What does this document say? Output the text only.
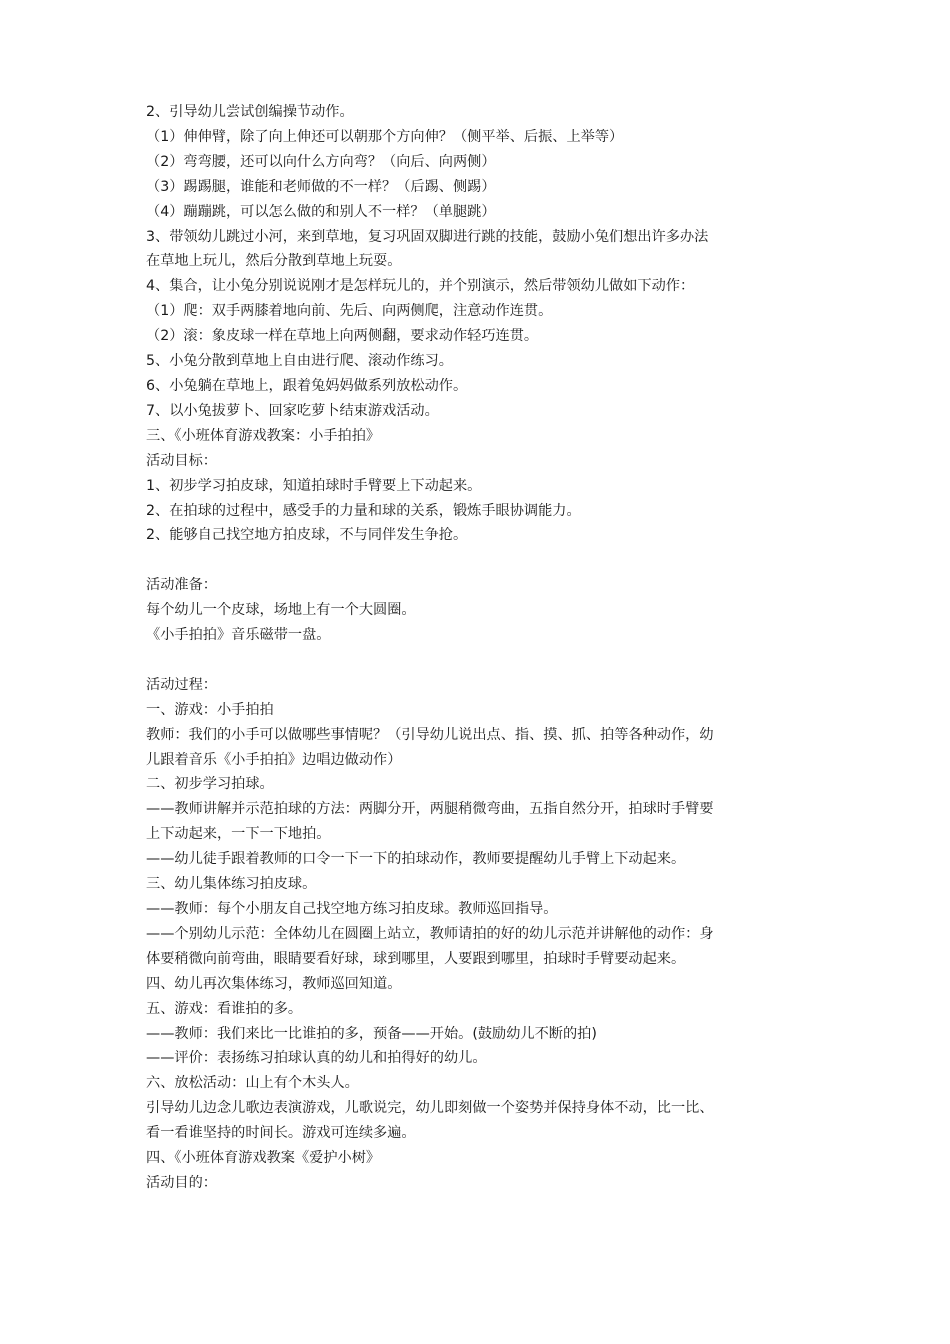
2、引导幼儿尝试创编操节动作。
（1）伸伸臂，除了向上伸还可以朝那个方向伸？（侧平举、后振、上举等）
（2）弯弯腰，还可以向什么方向弯？（向后、向两侧）
（3）踢踢腿，谁能和老师做的不一样？（后踢、侧踢）
（4）蹦蹦跳，可以怎么做的和别人不一样？（单腿跳）
3、带领幼儿跳过小河，来到草地，复习巩固双脚进行跳的技能，鼓励小兔们想出许多办法
在草地上玩儿，然后分散到草地上玩耍。
4、集合，让小兔分别说说刚才是怎样玩儿的，并个别演示，然后带领幼儿做如下动作：
（1）爬：双手两膝着地向前、先后、向两侧爬，注意动作连贯。
（2）滚：象皮球一样在草地上向两侧翻，要求动作轻巧连贯。
5、小兔分散到草地上自由进行爬、滚动作练习。
6、小兔躺在草地上，跟着兔妈妈做系列放松动作。
7、以小兔拔萝卜、回家吃萝卜结束游戏活动。
三、《小班体育游戏教案：小手拍拍》
活动目标：
1、初步学习拍皮球，知道拍球时手臂要上下动起来。
2、在拍球的过程中，感受手的力量和球的关系，锻炼手眼协调能力。
2、能够自己找空地方拍皮球，不与同伴发生争抢。
活动准备：
每个幼儿一个皮球，场地上有一个大圆圈。
《小手拍拍》音乐磁带一盘。
活动过程：
一、游戏：小手拍拍
教师：我们的小手可以做哪些事情呢？（引导幼儿说出点、指、摸、抓、拍等各种动作，幼
儿跟着音乐《小手拍拍》边唱边做动作）
二、初步学习拍球。
——教师讲解并示范拍球的方法：两脚分开，两腿稍微弯曲，五指自然分开，拍球时手臂要
上下动起来，一下一下地拍。
——幼儿徒手跟着教师的口令一下一下的拍球动作，教师要提醒幼儿手臂上下动起来。
三、幼儿集体练习拍皮球。
——教师：每个小朋友自己找空地方练习拍皮球。教师巡回指导。
——个别幼儿示范：全体幼儿在圆圈上站立，教师请拍的好的幼儿示范并讲解他的动作：身
体要稍微向前弯曲，眼睛要看好球，球到哪里，人要跟到哪里，拍球时手臂要动起来。
四、幼儿再次集体练习，教师巡回知道。
五、游戏：看谁拍的多。
——教师：我们来比一比谁拍的多，预备——开始。(鼓励幼儿不断的拍)
——评价：表扬练习拍球认真的幼儿和拍得好的幼儿。
六、放松活动：山上有个木头人。
引导幼儿边念儿歌边表演游戏，儿歌说完，幼儿即刻做一个姿势并保持身体不动，比一比、
看一看谁坚持的时间长。游戏可连续多遍。
四、《小班体育游戏教案《爱护小树》
活动目的：
